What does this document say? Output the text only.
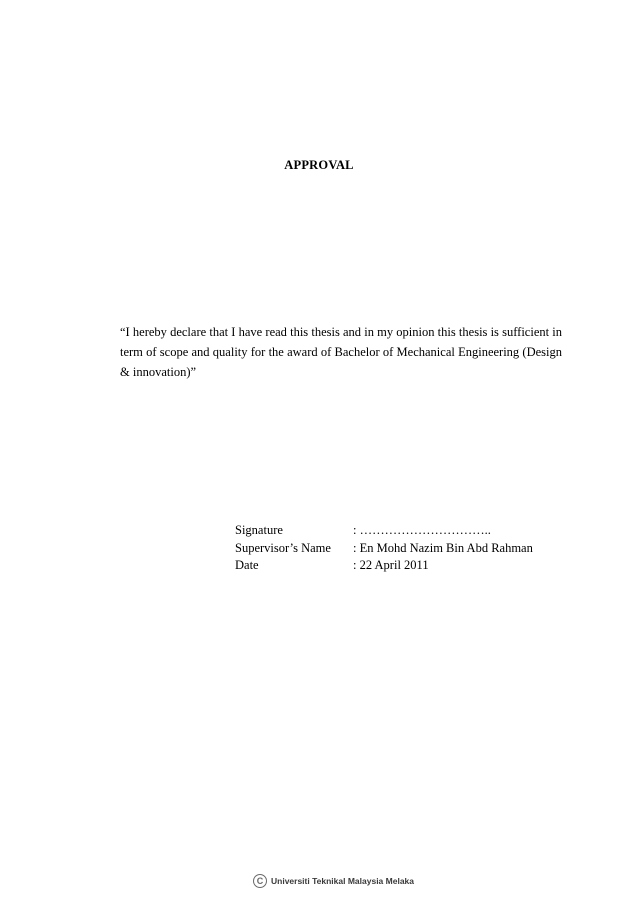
APPROVAL
“I hereby declare that I have read this thesis and in my opinion this thesis is sufficient in term of scope and quality for the award of Bachelor of Mechanical Engineering (Design & innovation)”
Signature	: …………………………..
Supervisor’s Name	: En Mohd Nazim Bin Abd Rahman
Date	: 22 April 2011
C Universiti Teknikal Malaysia Melaka
